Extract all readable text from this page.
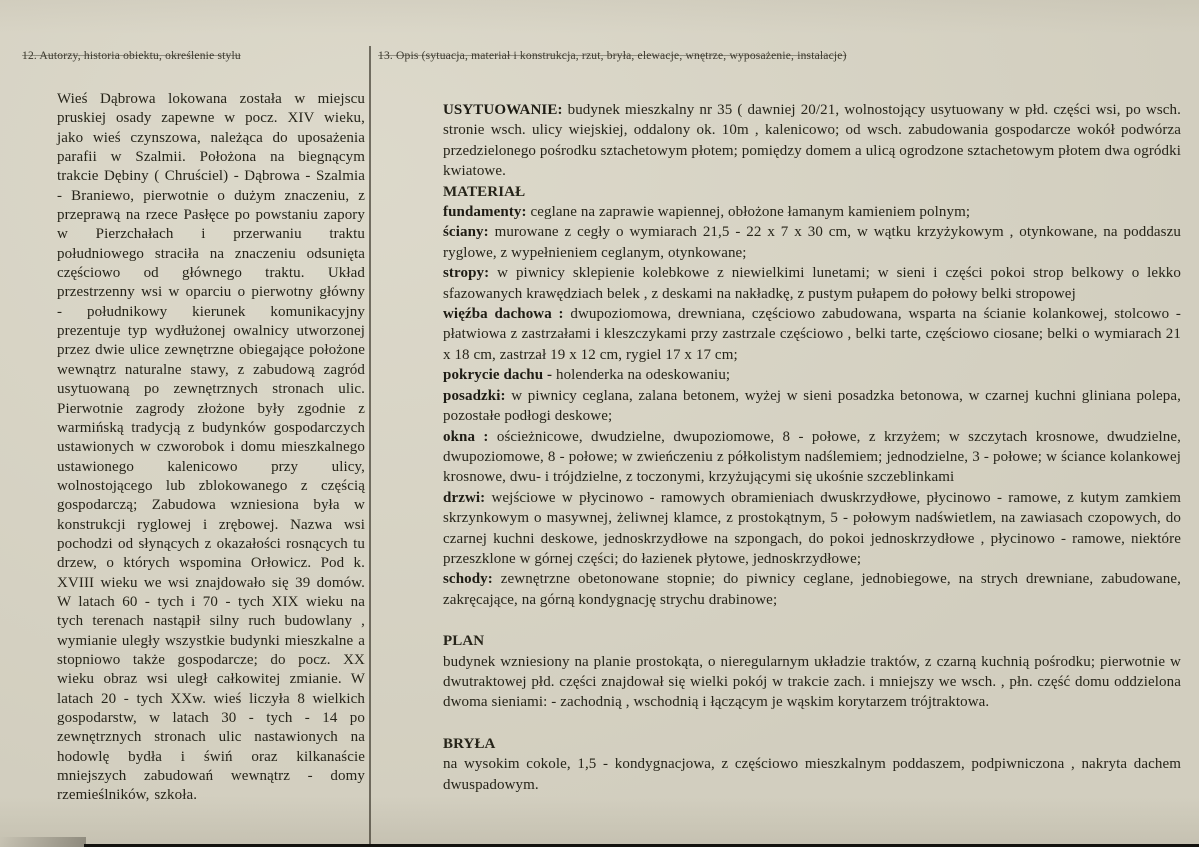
12. Autorzy, historia obiektu, określenie stylu	13. Opis (sytuacja, materiał i konstrukcja, rzut, bryła, elewacje, wnętrze, wyposażenie, instalacje)

Wieś Dąbrowa lokowana została w miejscu pruskiej osady zapewne w pocz. XIV wieku, jako wieś czynszowa, należąca do uposażenia parafii w Szalmii. Położona na biegnącym trakcie Dębiny ( Chruściel) - Dąbrowa - Szalmia - Braniewo, pierwotnie o dużym znaczeniu, z przeprawą na rzece Pasłęce po powstaniu zapory w Pierzchałach i przerwaniu traktu południowego straciła na znaczeniu odsunięta częściowo od głównego traktu. Układ przestrzenny wsi w oparciu o pierwotny główny - południkowy kierunek komunikacyjny prezentuje typ wydłużonej owalnicy utworzonej przez dwie ulice zewnętrzne obiegające położone wewnątrz naturalne stawy, z zabudową zagród usytuowaną po zewnętrznych stronach ulic. Pierwotnie zagrody złożone były zgodnie z warmińską tradycją z budynków gospodarczych ustawionych w czworobok i domu mieszkalnego ustawionego kalenicowo przy ulicy, wolnostojącego lub zblokowanego z częścią gospodarczą; Zabudowa wzniesiona była w konstrukcji ryglowej i zrębowej. Nazwa wsi pochodzi od słynących z okazałości rosnących tu drzew, o których wspomina Orłowicz. Pod k. XVIII wieku we wsi znajdowało się 39 domów. W latach 60 - tych i 70 - tych XIX wieku na tych terenach nastąpił silny ruch budowlany , wymianie uległy wszystkie budynki mieszkalne a stopniowo także gospodarcze; do pocz. XX wieku obraz wsi uległ całkowitej zmianie. W latach 20 - tych XXw. wieś liczyła 8 wielkich gospodarstw, w latach 30 - tych - 14 po zewnętrznych stronach ulic nastawionych na hodowlę bydła i świń oraz kilkanaście mniejszych zabudowań wewnątrz - domy rzemieślników, szkoła.

USYTUOWANIE: budynek mieszkalny nr 35 ( dawniej 20/21, wolnostojący usytuowany w płd. części wsi, po wsch. stronie wsch. ulicy wiejskiej, oddalony ok. 10m , kalenicowo; od wsch. zabudowania gospodarcze wokół podwórza przedzielonego pośrodku sztachetowym płotem; pomiędzy domem a ulicą ogrodzone sztachetowym płotem dwa ogródki kwiatowe.

MATERIAŁ

fundamenty: ceglane na zaprawie wapiennej, obłożone łamanym kamieniem polnym;

ściany: murowane z cegły o wymiarach 21,5 - 22 x 7 x 30 cm, w wątku krzyżykowym , otynkowane, na poddaszu ryglowe, z wypełnieniem ceglanym, otynkowane;

stropy: w piwnicy sklepienie kolebkowe z niewielkimi lunetami; w sieni i części pokoi strop belkowy o lekko sfazowanych krawędziach belek , z deskami na nakładkę, z pustym pułapem do połowy belki stropowej

więźba dachowa : dwupoziomowa, drewniana, częściowo zabudowana, wsparta na ścianie kolankowej, stolcowo - płatwiowa z zastrzałami i kleszczykami przy zastrzale częściowo , belki tarte, częściowo ciosane; belki o wymiarach 21 x 18 cm, zastrzał 19 x 12 cm, rygiel 17 x 17 cm;

pokrycie dachu - holenderka na odeskowaniu;

posadzki: w piwnicy ceglana, zalana betonem, wyżej w sieni posadzka betonowa, w czarnej kuchni gliniana polepa, pozostałe podłogi deskowe;

okna : ościeżnicowe, dwudzielne, dwupoziomowe, 8 - połowe, z krzyżem; w szczytach krosnowe, dwudzielne, dwupoziomowe, 8 - połowe; w zwieńczeniu z półkolistym nadślemiem; jednodzielne, 3 - połowe; w ściance kolankowej krosnowe, dwu- i trójdzielne, z toczonymi, krzyżującymi się ukośnie szczeblinkami

drzwi: wejściowe w płycinowo - ramowych obramieniach dwuskrzydłowe, płycinowo - ramowe, z kutym zamkiem skrzynkowym o masywnej, żeliwnej klamce, z prostokątnym, 5 - połowym nadświetlem, na zawiasach czopowych, do czarnej kuchni deskowe, jednoskrzydłowe na szpongach, do pokoi jednoskrzydłowe , płycinowo - ramowe, niektóre przeszklone w górnej części; do łazienek płytowe, jednoskrzydłowe;

schody: zewnętrzne obetonowane stopnie; do piwnicy ceglane, jednobiegowe, na strych drewniane, zabudowane, zakręcające, na górną kondygnację strychu drabinowe;

PLAN

budynek wzniesiony na planie prostokąta, o nieregularnym układzie traktów, z czarną kuchnią pośrodku; pierwotnie w dwutraktowej płd. części znajdował się wielki pokój w trakcie zach. i mniejszy we wsch. , płn. część domu oddzielona dwoma sieniami: - zachodnią , wschodnią i łączącym je wąskim korytarzem trójtraktowa.

BRYŁA

na wysokim cokole, 1,5 - kondygnacjowa, z częściowo mieszkalnym poddaszem, podpiwniczona , nakryta dachem dwuspadowym.
